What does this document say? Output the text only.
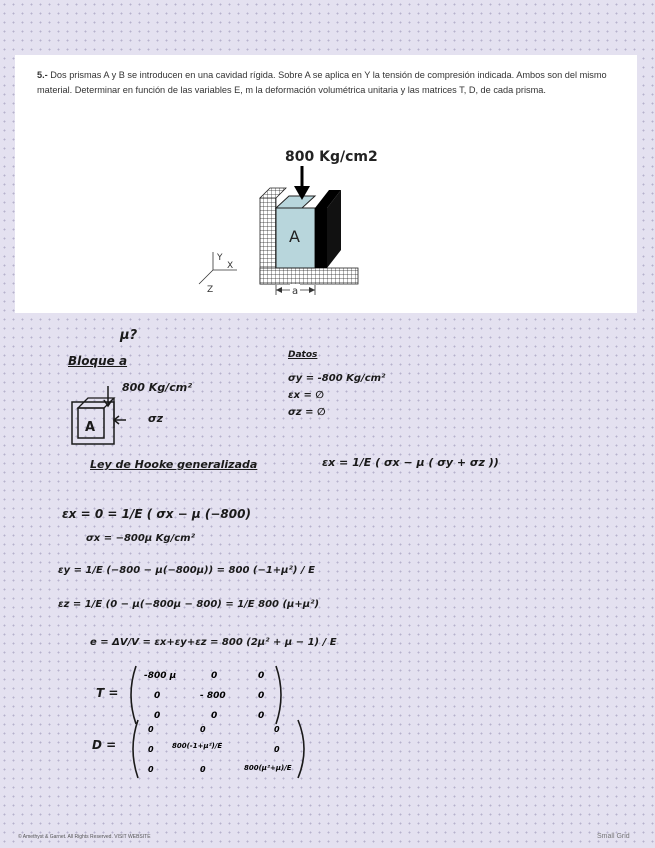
5.- Dos prismas A y B se introducen en una cavidad rígida. Sobre A se aplica en Y la tensión de compresión indicada. Ambos son del mismo material. Determinar en función de las variables E, m la deformación volumétrica unitaria y las matrices T, D, de cada prisma.

A
800 Kg/cm2
Y
X
Z	a
μ?
Bloque a
A
800 Kg/cm²
σz
Datos
σy = -800 Kg/cm²
εx = ∅
σz = ∅
Ley de Hooke generalizada	εx = 1/E ( σx − μ ( σy + σz ))
εx = 0 = 1/E ( σx − μ (−800)
σx = −800μ Kg/cm²
εy = 1/E (−800 − μ(−800μ)) = 800 (−1+μ²) / E
εz = 1/E (0 − μ(−800μ − 800) = 1/E 800 (μ+μ²)
e = ΔV/V = εx+εy+εz = 800 (2μ² + μ − 1) / E
T =
-800 μ	0	0
0	- 800	0
0	0	0
D =
0	0	0
0	800(-1+μ²)/E	0
0	0	800(μ²+μ)/E
© Amethyst & Garnet. All Rights Reserved. VISIT WEBSITE	Small Grid
